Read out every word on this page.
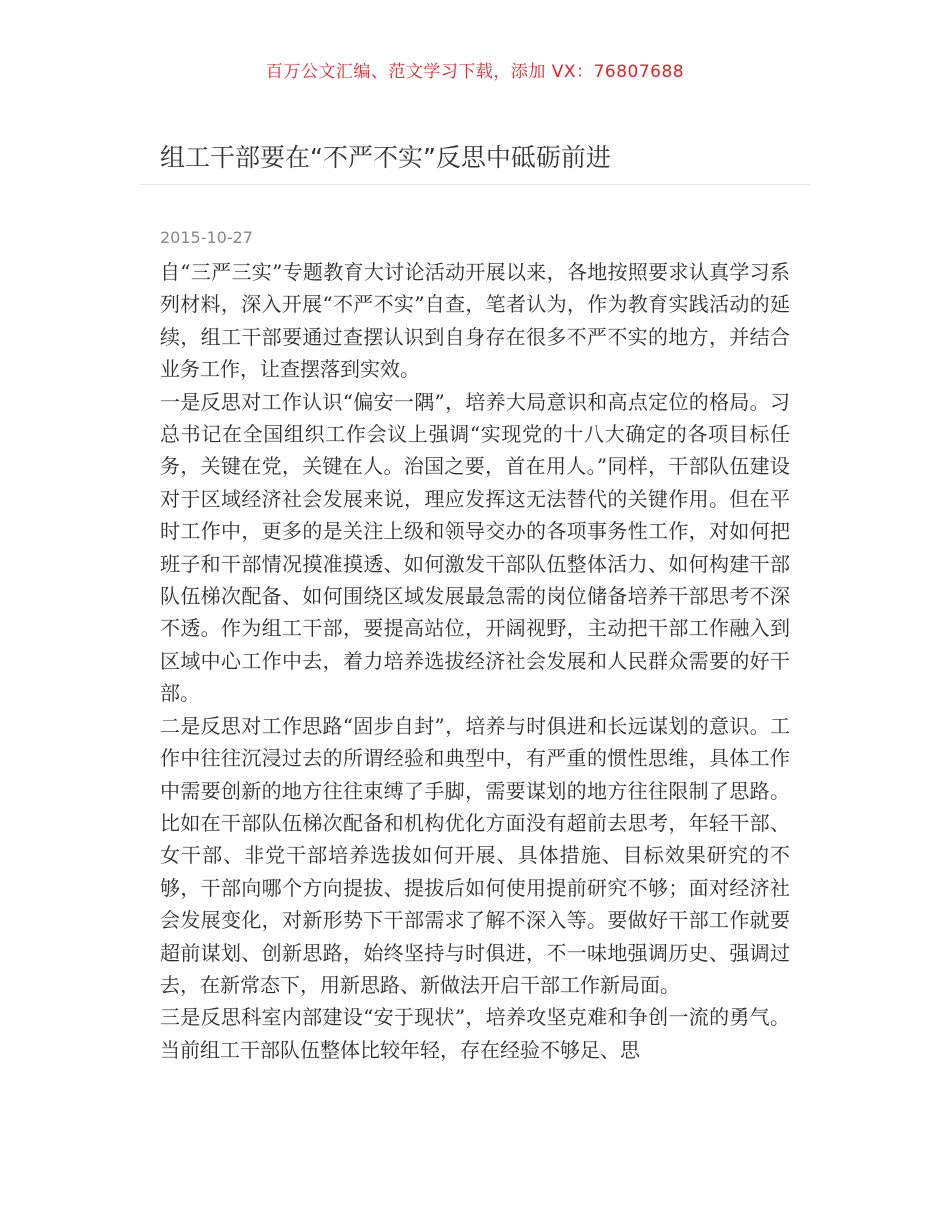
百万公文汇编、范文学习下载，添加 VX：76807688
组工干部要在“不严不实”反思中砥砺前进
2015-10-27

自“三严三实”专题教育大讨论活动开展以来，各地按照要求认真学习系列材料，深入开展“不严不实”自查，笔者认为，作为教育实践活动的延续，组工干部要通过查摆认识到自身存在很多不严不实的地方，并结合业务工作，让查摆落到实效。

一是反思对工作认识“偏安一隅”，培养大局意识和高点定位的格局。习总书记在全国组织工作会议上强调“实现党的十八大确定的各项目标任务，关键在党，关键在人。治国之要，首在用人。”同样，干部队伍建设对于区域经济社会发展来说，理应发挥这无法替代的关键作用。但在平时工作中，更多的是关注上级和领导交办的各项事务性工作，对如何把班子和干部情况摸准摸透、如何激发干部队伍整体活力、如何构建干部队伍梯次配备、如何围绕区域发展最急需的岗位储备培养干部思考不深不透。作为组工干部，要提高站位，开阔视野，主动把干部工作融入到区域中心工作中去，着力培养选拔经济社会发展和人民群众需要的好干部。

二是反思对工作思路“固步自封”，培养与时俱进和长远谋划的意识。工作中往往沉浸过去的所谓经验和典型中，有严重的惯性思维，具体工作中需要创新的地方往往束缚了手脚，需要谋划的地方往往限制了思路。比如在干部队伍梯次配备和机构优化方面没有超前去思考，年轻干部、女干部、非党干部培养选拔如何开展、具体措施、目标效果研究的不够，干部向哪个方向提拔、提拔后如何使用提前研究不够；面对经济社会发展变化，对新形势下干部需求了解不深入等。要做好干部工作就要超前谋划、创新思路，始终坚持与时俱进，不一味地强调历史、强调过去，在新常态下，用新思路、新做法开启干部工作新局面。

三是反思科室内部建设“安于现状”，培养攻坚克难和争创一流的勇气。当前组工干部队伍整体比较年轻，存在经验不够足、思
